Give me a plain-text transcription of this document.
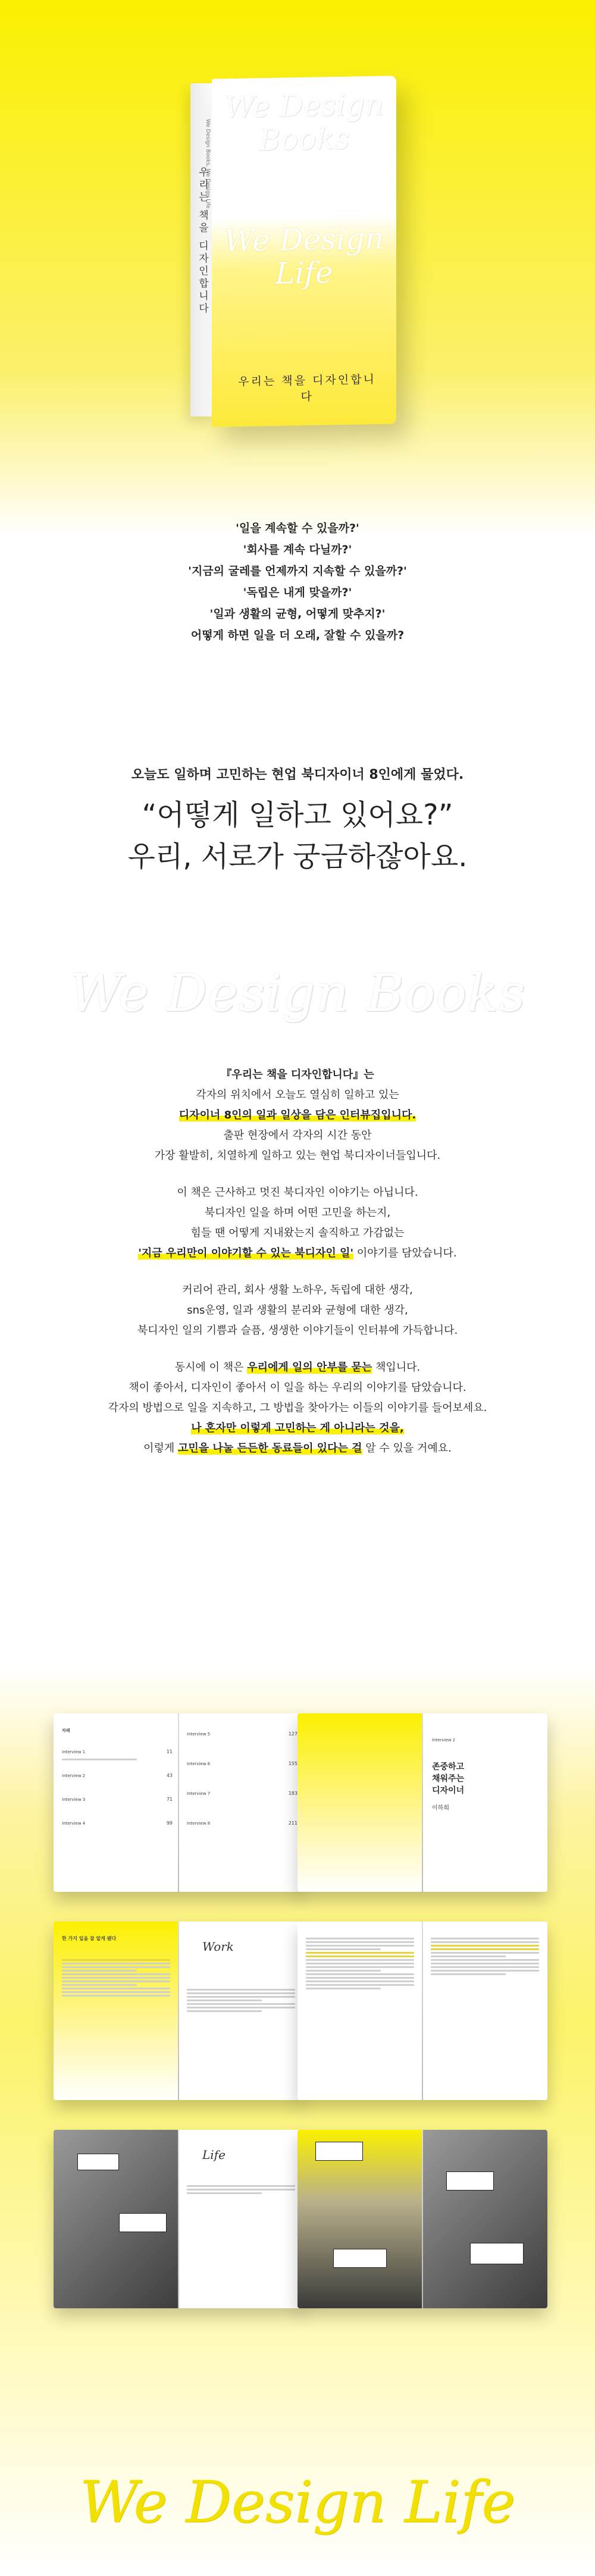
We Design Books, We Design Life
우리는 책을 디자인합니다
We Design Books
We Design Life
우리는 책을 디자인합니다

'일을 계속할 수 있을까?'

'회사를 계속 다닐까?'

'지금의 굴레를 언제까지 지속할 수 있을까?'

'독립은 내게 맞을까?'

'일과 생활의 균형, 어떻게 맞추지?'

어떻게 하면 일을 더 오래, 잘할 수 있을까?

오늘도 일하며 고민하는 현업 북디자이너 8인에게 물었다.
“어떻게 일하고 있어요?”
우리, 서로가 궁금하잖아요.
We Design Books

『우리는 책을 디자인합니다』는

각자의 위치에서 오늘도 열심히 일하고 있는

디자이너 8인의 일과 일상을 담은 인터뷰집입니다.

출판 현장에서 각자의 시간 동안

가장 활발히, 치열하게 일하고 있는 현업 북디자이너들입니다.

이 책은 근사하고 멋진 북디자인 이야기는 아닙니다.

북디자인 일을 하며 어떤 고민을 하는지,

힘들 땐 어떻게 지내왔는지 솔직하고 가감없는

'지금 우리만이 이야기할 수 있는 북디자인 일' 이야기를 담았습니다.

커리어 관리, 회사 생활 노하우, 독립에 대한 생각,

sns운영, 일과 생활의 분리와 균형에 대한 생각,

북디자인 일의 기쁨과 슬픔, 생생한 이야기들이 인터뷰에 가득합니다.

동시에 이 책은 우리에게 일의 안부를 묻는 책입니다.

책이 좋아서, 디자인이 좋아서 이 일을 하는 우리의 이야기를 담았습니다.

각자의 방법으로 일을 지속하고, 그 방법을 찾아가는 이들의 이야기를 들어보세요.

나 혼자만 이렇게 고민하는 게 아니라는 것을,

이렇게 고민을 나눌 든든한 동료들이 있다는 걸 알 수 있을 거예요.

차례
Interview 1
Interview 2
Interview 3
Interview 4
11
43
71
99
Interview 5
Interview 6
Interview 7
Interview 8
127
155
183
211
Interview 1
존중하고
채워주는
디자이너
이하희
한 가지 일을 잘 알게 됐다
Work
Life
We Design Life
